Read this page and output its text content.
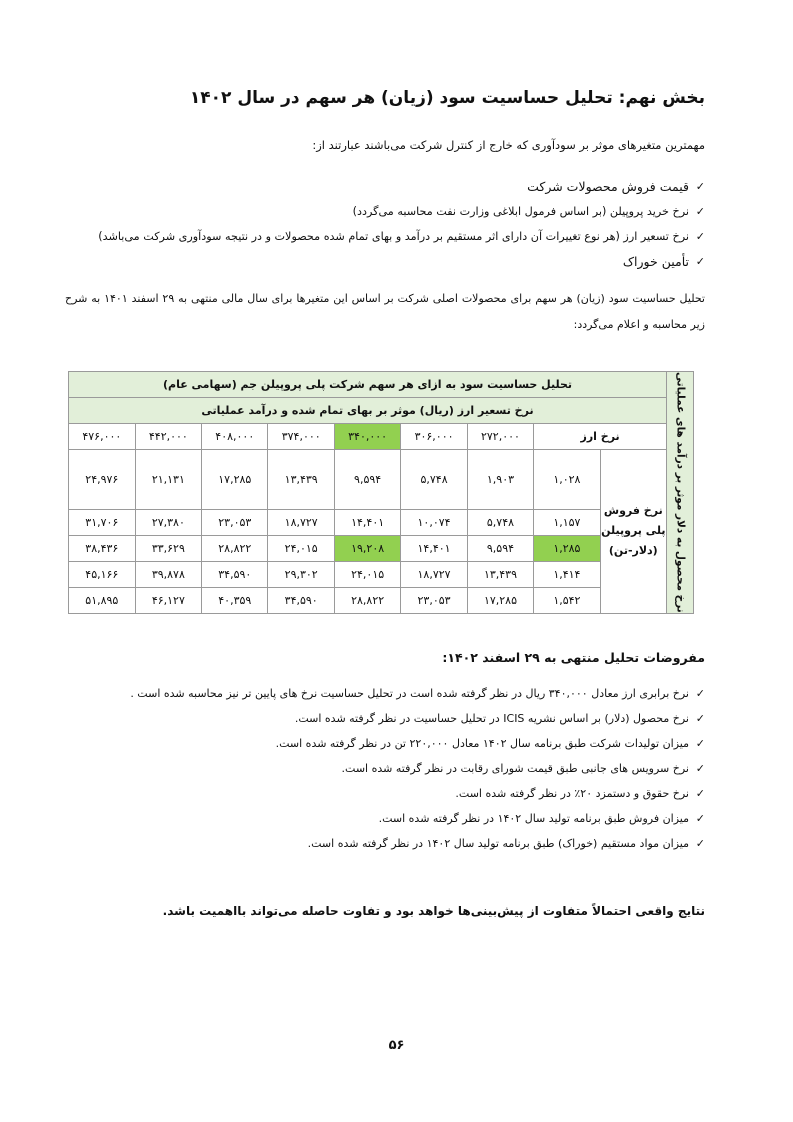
بخش نهم: تحلیل حساسیت سود (زیان) هر سهم در سال ۱۴۰۲
مهمترین متغیرهای موثر بر سودآوری که خارج از کنترل شرکت می‌باشند عبارتند از:
✓
قیمت فروش محصولات شرکت
✓
نرخ خرید پروپیلن (بر اساس فرمول ابلاغی وزارت نفت محاسبه می‌گردد)
✓
نرخ تسعیر ارز (هر نوع تغییرات آن دارای اثر مستقیم بر درآمد و بهای تمام شده محصولات و در نتیجه سودآوری شرکت می‌باشد)
✓
تأمین خوراک
تحلیل حساسیت سود (زیان) هر سهم برای محصولات اصلی شرکت بر اساس این متغیرها برای سال مالی منتهی به ۲۹ اسفند ۱۴۰۱ به شرح زیر محاسبه و اعلام می‌گردد:
نرخ محصول به دلار موثر بر درآمد های عملیاتی	تحلیل حساسیت سود به ازای هر سهم شرکت پلی پروپیلن جم (سهامی عام)								
	نرخ تسعیر ارز (ریال) موثر بر بهای تمام شده و درآمد عملیاتی								
	نرخ ارز		۲۷۲,۰۰۰	۳۰۶,۰۰۰	۳۴۰,۰۰۰	۳۷۴,۰۰۰	۴۰۸,۰۰۰	۴۴۲,۰۰۰	۴۷۶,۰۰۰
	نرخ فروش پلی پروپیلن (دلار-تن)	۱,۰۲۸	۱,۹۰۳	۵,۷۴۸	۹,۵۹۴	۱۳,۴۳۹	۱۷,۲۸۵	۲۱,۱۳۱	۲۴,۹۷۶
		۱,۱۵۷	۵,۷۴۸	۱۰,۰۷۴	۱۴,۴۰۱	۱۸,۷۲۷	۲۳,۰۵۳	۲۷,۳۸۰	۳۱,۷۰۶
		۱,۲۸۵	۹,۵۹۴	۱۴,۴۰۱	۱۹,۲۰۸	۲۴,۰۱۵	۲۸,۸۲۲	۳۳,۶۲۹	۳۸,۴۳۶
		۱,۴۱۴	۱۳,۴۳۹	۱۸,۷۲۷	۲۴,۰۱۵	۲۹,۳۰۲	۳۴,۵۹۰	۳۹,۸۷۸	۴۵,۱۶۶
		۱,۵۴۲	۱۷,۲۸۵	۲۳,۰۵۳	۲۸,۸۲۲	۳۴,۵۹۰	۴۰,۳۵۹	۴۶,۱۲۷	۵۱,۸۹۵
مفروضات تحلیل منتهی به ۲۹ اسفند ۱۴۰۲:
✓
نرخ برابری ارز معادل ۳۴۰,۰۰۰ ریال در نظر گرفته شده است در تحلیل حساسیت نرخ های پایین تر نیز محاسبه شده است .
✓
نرخ محصول (دلار) بر اساس نشریه ICIS در تحلیل حساسیت در نظر گرفته شده است.
✓
میزان تولیدات شرکت طبق برنامه سال ۱۴۰۲ معادل ۲۲۰,۰۰۰ تن در نظر گرفته شده است.
✓
نرخ سرویس های جانبی طبق قیمت شورای رقابت در نظر گرفته شده است.
✓
نرخ حقوق و دستمزد ۲۰٪ در نظر گرفته شده است.
✓
میزان فروش طبق برنامه تولید سال ۱۴۰۲ در نظر گرفته شده است.
✓
میزان مواد مستقیم (خوراک) طبق برنامه تولید سال ۱۴۰۲ در نظر گرفته شده است.
نتایج واقعی احتمالاً متفاوت از پیش‌بینی‌ها خواهد بود و تفاوت حاصله می‌تواند بااهمیت باشد.
۵۶
